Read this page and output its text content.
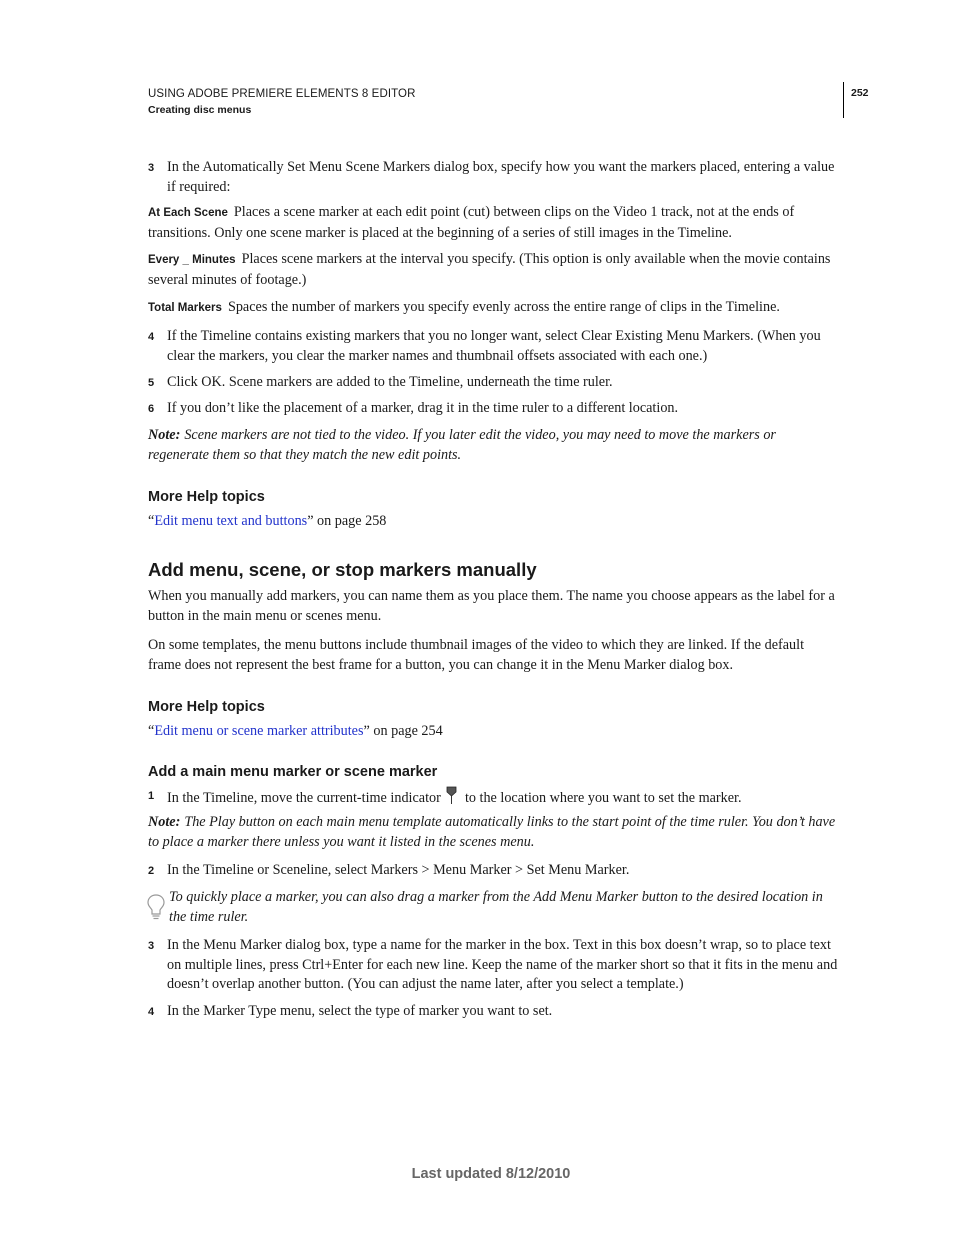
USING ADOBE PREMIERE ELEMENTS 8 EDITOR
Creating disc menus
252
3 In the Automatically Set Menu Scene Markers dialog box, specify how you want the markers placed, entering a value if required:
At Each Scene Places a scene marker at each edit point (cut) between clips on the Video 1 track, not at the ends of transitions. Only one scene marker is placed at the beginning of a series of still images in the Timeline.
Every _ Minutes Places scene markers at the interval you specify. (This option is only available when the movie contains several minutes of footage.)
Total Markers Spaces the number of markers you specify evenly across the entire range of clips in the Timeline.
4 If the Timeline contains existing markers that you no longer want, select Clear Existing Menu Markers. (When you clear the markers, you clear the marker names and thumbnail offsets associated with each one.)
5 Click OK. Scene markers are added to the Timeline, underneath the time ruler.
6 If you don’t like the placement of a marker, drag it in the time ruler to a different location.
Note: Scene markers are not tied to the video. If you later edit the video, you may need to move the markers or regenerate them so that they match the new edit points.
More Help topics
“Edit menu text and buttons” on page 258
Add menu, scene, or stop markers manually
When you manually add markers, you can name them as you place them. The name you choose appears as the label for a button in the main menu or scenes menu.
On some templates, the menu buttons include thumbnail images of the video to which they are linked. If the default frame does not represent the best frame for a button, you can change it in the Menu Marker dialog box.
More Help topics
“Edit menu or scene marker attributes” on page 254
Add a main menu marker or scene marker
1 In the Timeline, move the current-time indicator to the location where you want to set the marker.
Note: The Play button on each main menu template automatically links to the start point of the time ruler. You don’t have to place a marker there unless you want it listed in the scenes menu.
2 In the Timeline or Sceneline, select Markers > Menu Marker > Set Menu Marker.
To quickly place a marker, you can also drag a marker from the Add Menu Marker button to the desired location in the time ruler.
3 In the Menu Marker dialog box, type a name for the marker in the box. Text in this box doesn’t wrap, so to place text on multiple lines, press Ctrl+Enter for each new line. Keep the name of the marker short so that it fits in the menu and doesn’t overlap another button. (You can adjust the name later, after you select a template.)
4 In the Marker Type menu, select the type of marker you want to set.
Last updated 8/12/2010
